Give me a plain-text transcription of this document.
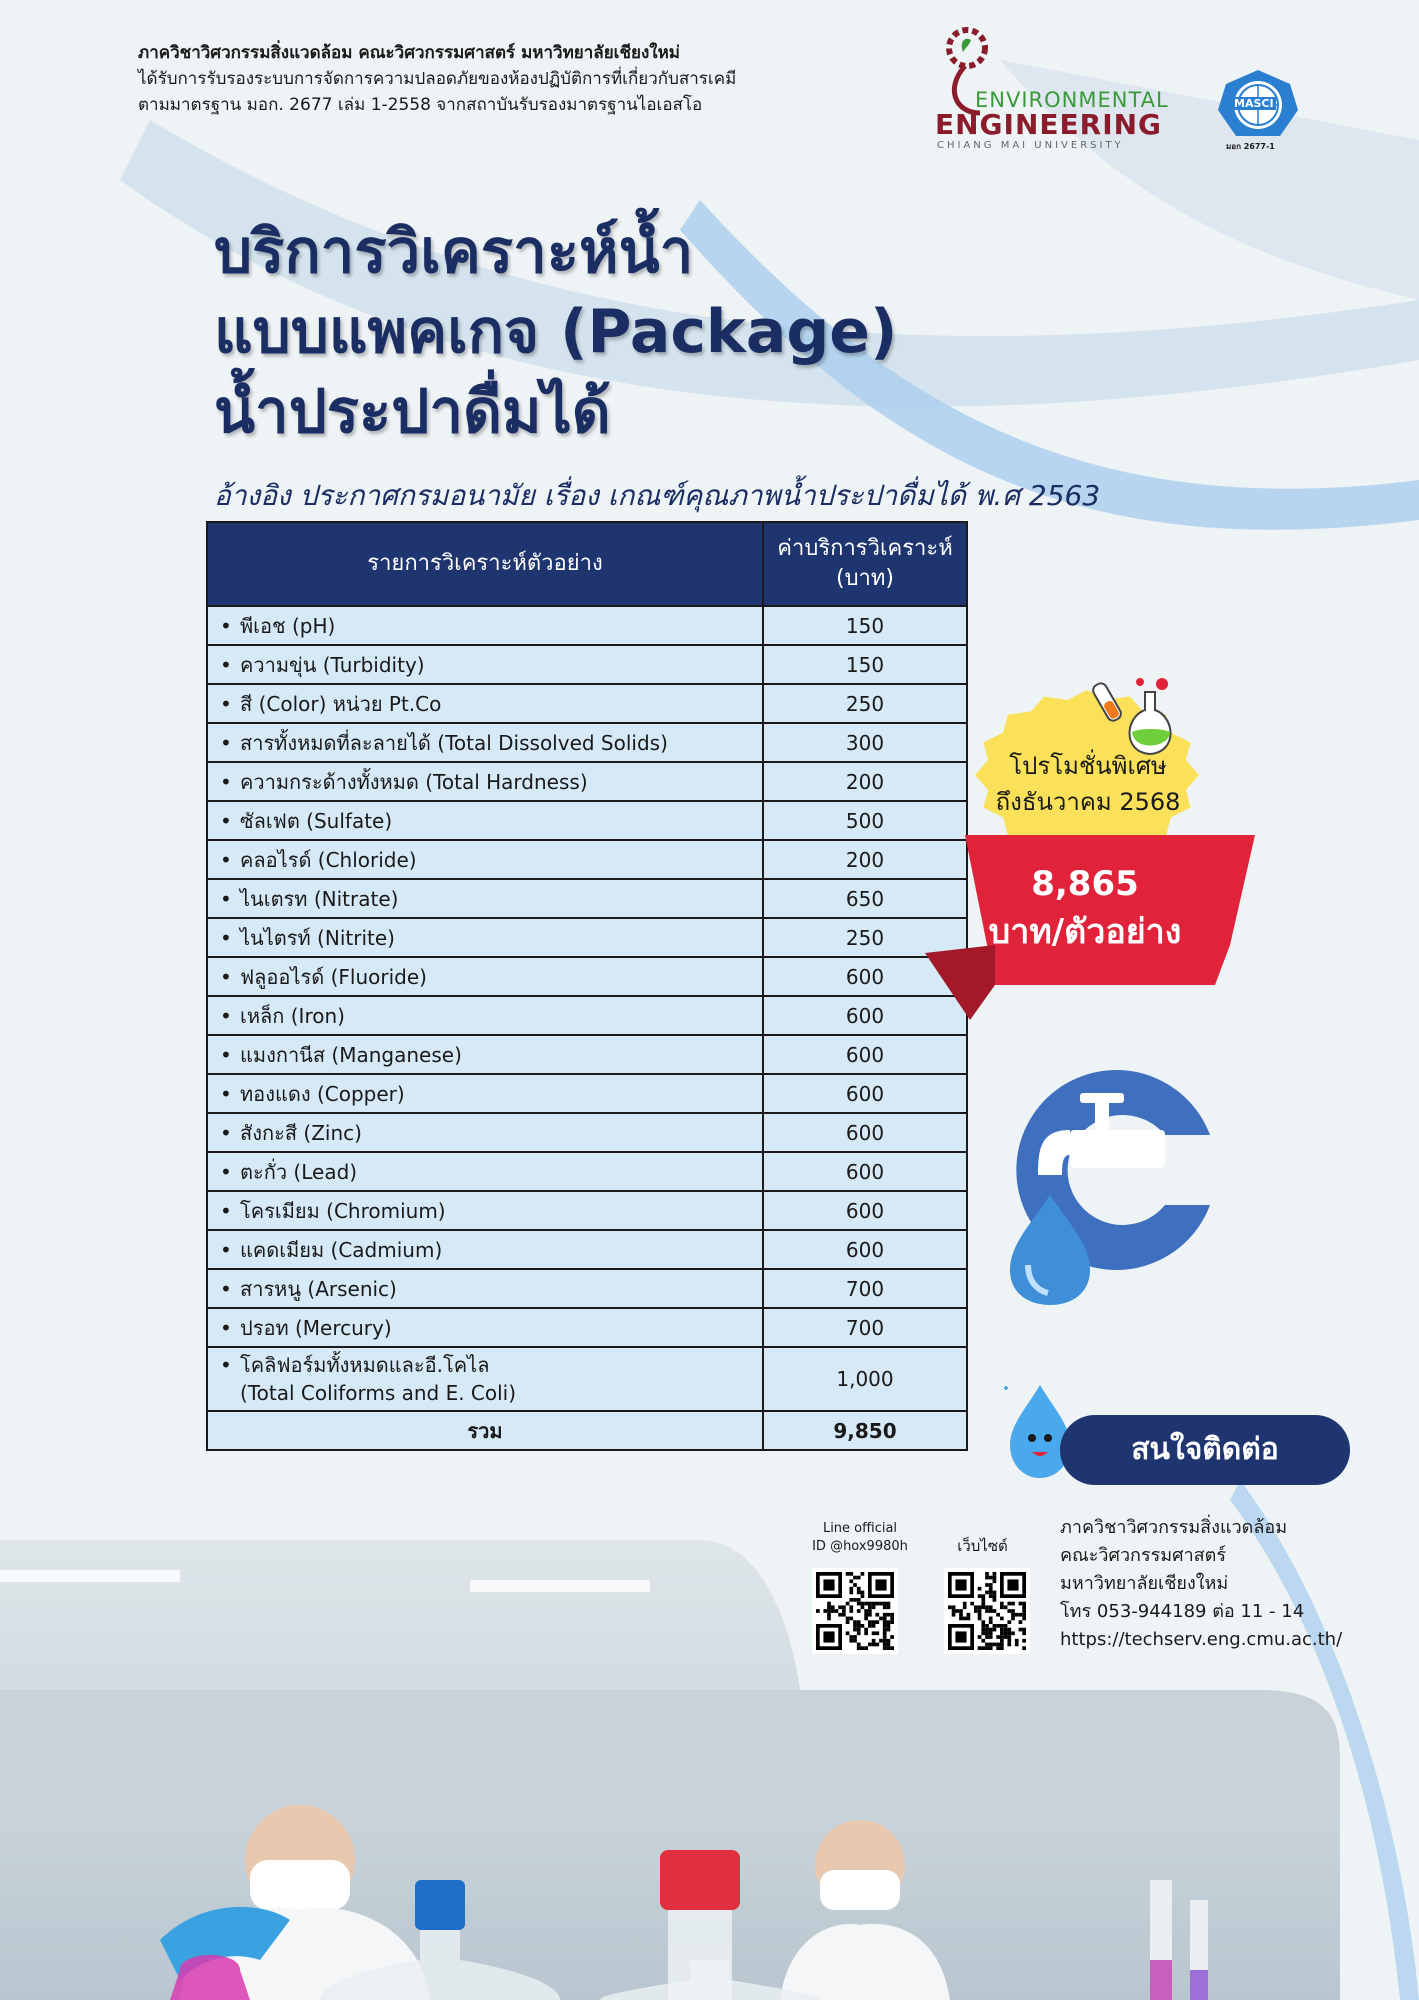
ภาควิชาวิศวกรรมสิ่งแวดล้อม คณะวิศวกรรมศาสตร์ มหาวิทยาลัยเชียงใหม่
ได้รับการรับรองระบบการจัดการความปลอดภัยของห้องปฏิบัติการที่เกี่ยวกับสารเคมี
ตามมาตรฐาน มอก. 2677 เล่ม 1-2558 จากสถาบันรับรองมาตรฐานไอเอสโอ	ENVIRONMENTAL
ENGINEERING
CHIANG MAI UNIVERSITY
MASCI
มอก 2677-1
บริการวิเคราะห์น้ำ
แบบแพคเกจ (Package)
น้ำประปาดื่มได้
อ้างอิง ประกาศกรมอนามัย เรื่อง เกณฑ์คุณภาพน้ำประปาดื่มได้ พ.ศ 2563
รายการวิเคราะห์ตัวอย่าง	ค่าบริการวิเคราะห์
(บาท)
• พีเอช (pH)	150
• ความขุ่น (Turbidity)	150
• สี (Color) หน่วย Pt.Co	250
• สารทั้งหมดที่ละลายได้ (Total Dissolved Solids)	300
• ความกระด้างทั้งหมด (Total Hardness)	200
• ซัลเฟต (Sulfate)	500
• คลอไรด์ (Chloride)	200
• ไนเตรท (Nitrate)	650
• ไนไตรท์ (Nitrite)	250
• ฟลูออไรด์ (Fluoride)	600
• เหล็ก (Iron)	600
• แมงกานีส (Manganese)	600
• ทองแดง (Copper)	600
• สังกะสี (Zinc)	600
• ตะกั่ว (Lead)	600
• โครเมียม (Chromium)	600
• แคดเมียม (Cadmium)	600
• สารหนู (Arsenic)	700
• ปรอท (Mercury)	700
• โคลิฟอร์มทั้งหมดและอี.โคไล
(Total Coliforms and E. Coli)	1,000
รวม	9,850
โปรโมชั่นพิเศษ
ถึงธันวาคม 2568
8,865
บาท/ตัวอย่าง
สนใจติดต่อ
Line official
ID @hox9980h	เว็บไซต์
ภาควิชาวิศวกรรมสิ่งแวดล้อม
คณะวิศวกรรมศาสตร์
มหาวิทยาลัยเชียงใหม่
โทร 053-944189 ต่อ 11 - 14
https://techserv.eng.cmu.ac.th/
